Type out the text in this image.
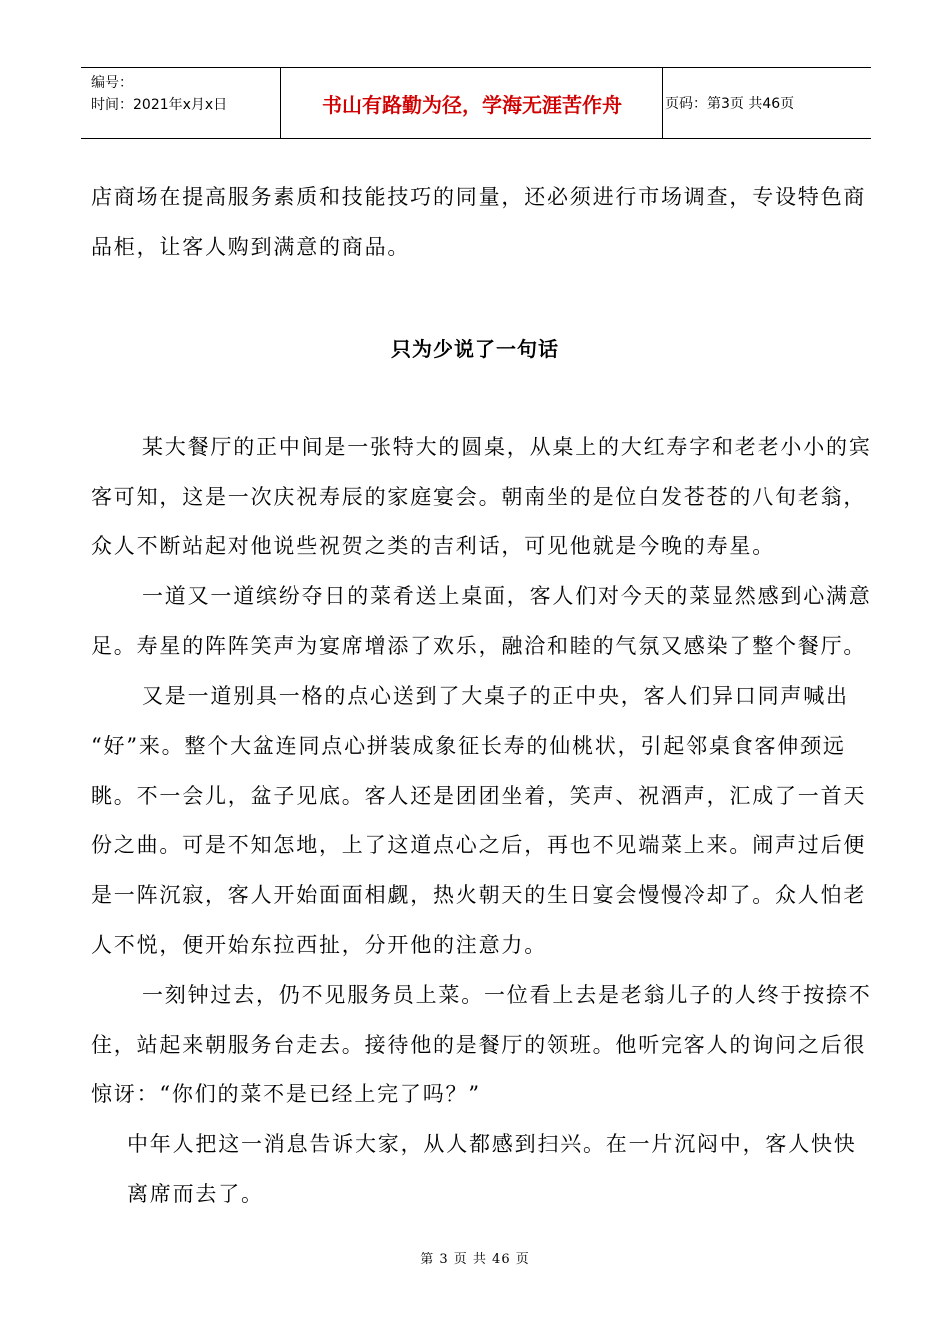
编号：
时间：2021年x月x日	书山有路勤为径，学海无涯苦作舟	页码：第3页 共46页
店商场在提高服务素质和技能技巧的同量，还必须进行市场调查，专设特色商
品柜，让客人购到满意的商品。
只为少说了一句话
某大餐厅的正中间是一张特大的圆桌，从桌上的大红寿字和老老小小的宾
客可知，这是一次庆祝寿辰的家庭宴会。朝南坐的是位白发苍苍的八旬老翁，
众人不断站起对他说些祝贺之类的吉利话，可见他就是今晚的寿星。
一道又一道缤纷夺日的菜肴送上桌面，客人们对今天的菜显然感到心满意
足。寿星的阵阵笑声为宴席增添了欢乐，融洽和睦的气氛又感染了整个餐厅。
又是一道别具一格的点心送到了大桌子的正中央，客人们异口同声喊出
“好”来。整个大盆连同点心拼装成象征长寿的仙桃状，引起邻桌食客伸颈远
眺。不一会儿，盆子见底。客人还是团团坐着，笑声、祝酒声，汇成了一首天
份之曲。可是不知怎地，上了这道点心之后，再也不见端菜上来。闹声过后便
是一阵沉寂，客人开始面面相觑，热火朝天的生日宴会慢慢冷却了。众人怕老
人不悦，便开始东拉西扯，分开他的注意力。
一刻钟过去，仍不见服务员上菜。一位看上去是老翁儿子的人终于按捺不
住，站起来朝服务台走去。接待他的是餐厅的领班。他听完客人的询问之后很
惊讶：“你们的菜不是已经上完了吗？”
中年人把这一消息告诉大家，从人都感到扫兴。在一片沉闷中，客人快快
离席而去了。
第 3 页 共 46 页
